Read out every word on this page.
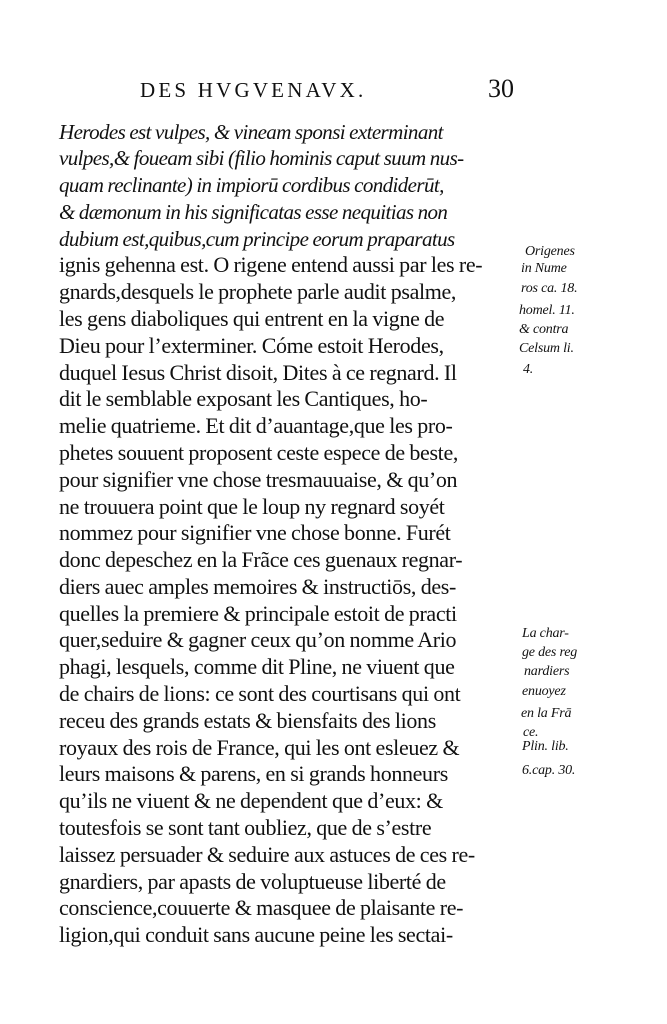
DES HVGVENAVX.	30
Herodes est vulpes, & vineam sponsi exterminant
vulpes,& foueam sibi (filio hominis caput suum nus-
quam reclinante) in impiorū cordibus condiderūt,
& dæmonum in his significatas esse nequitias non
dubium est,quibus,cum principe eorum praparatus
ignis gehenna est. O rigene entend aussi par les re-
gnards,desquels le prophete parle audit psalme,
les gens diaboliques qui entrent en la vigne de
Dieu pour l’exterminer. Cóme estoit Herodes,
duquel Iesus Christ disoit, Dites à ce regnard. Il
dit le semblable exposant les Cantiques, ho-
melie quatrieme. Et dit d’auantage,que les pro-
phetes souuent proposent ceste espece de beste,
pour signifier vne chose tresmauuaise, & qu’on
ne trouuera point que le loup ny regnard soyét
nommez pour signifier vne chose bonne. Furét
donc depeschez en la Frãce ces guenaux regnar-
diers auec amples memoires & instructiōs, des-
quelles la premiere & principale estoit de practi
quer,seduire & gagner ceux qu’on nomme Ario
phagi, lesquels, comme dit Pline, ne viuent que
de chairs de lions: ce sont des courtisans qui ont
receu des grands estats & biensfaits des lions
royaux des rois de France, qui les ont esleuez &
leurs maisons & parens, en si grands honneurs
qu’ils ne viuent & ne dependent que d’eux: &
toutesfois se sont tant oubliez, que de s’estre
laissez persuader & seduire aux astuces de ces re-
gnardiers, par apasts de voluptueuse liberté de
conscience,couuerte & masquee de plaisante re-
ligion,qui conduit sans aucune peine les sectai-
Origenes
in Nume
ros ca. 18.
homel. 11.
& contra
Celsum li.
4.
La char-
ge des reg
nardiers
enuoyez
en la Frā
ce.
Plin. lib.
6.cap. 30.
